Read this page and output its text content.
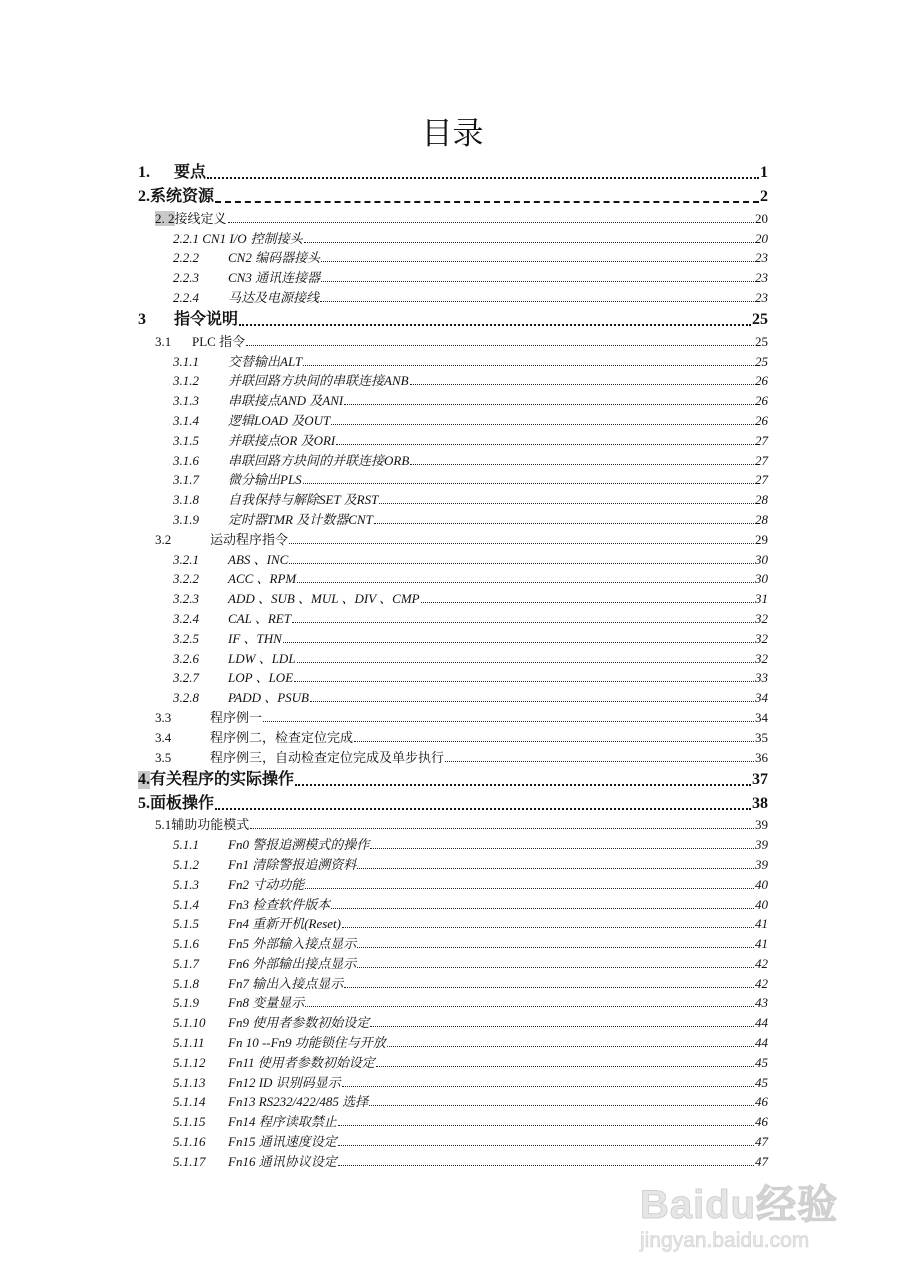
目录
1.	要点	1
2. 系统资源	2
2. 2 接线定义	20
2.2.1 CN1 I/O 控制接头	20
2.2.2	CN2 编码器接头	23
2.2.3	CN3 通讯连接器	23
2.2.4	马达及电源接线	23
3	指令说明	25
3.1	PLC 指令	25
3.1.1	交替输出ALT	25
3.1.2	并联回路方块间的串联连接ANB	26
3.1.3	串联接点AND 及ANI	26
3.1.4	逻辑LOAD 及OUT	26
3.1.5	并联接点OR 及ORI	27
3.1.6	串联回路方块间的并联连接ORB	27
3.1.7	微分输出PLS	27
3.1.8	自我保持与解除SET 及RST	28
3.1.9	定时器TMR 及计数器CNT	28
3.2	运动程序指令	29
3.2.1	ABS 、INC	30
3.2.2	ACC 、RPM	30
3.2.3	ADD 、SUB 、MUL 、DIV 、CMP	31
3.2.4	CAL 、RET	32
3.2.5	IF 、THN	32
3.2.6	LDW 、LDL	32
3.2.7	LOP 、LOE	33
3.2.8	PADD 、PSUB	34
3.3	程序例一	34
3.4	程序例二，检查定位完成	35
3.5	程序例三，自动检查定位完成及单步执行	36
4. 有关程序的实际操作	37
5. 面板操作	38
5.1 辅助功能模式	39
5.1.1	Fn0 警报追溯模式的操作	39
5.1.2	Fn1 清除警报追溯资料	39
5.1.3	Fn2 寸动功能	40
5.1.4	Fn3 检查软件版本	40
5.1.5	Fn4 重新开机(Reset)	41
5.1.6	Fn5 外部输入接点显示	41
5.1.7	Fn6 外部输出接点显示	42
5.1.8	Fn7 输出入接点显示	42
5.1.9	Fn8 变量显示	43
5.1.10	Fn9 使用者参数初始设定	44
5.1.11	Fn 10 --Fn9 功能锁住与开放	44
5.1.12	Fn11 使用者参数初始设定	45
5.1.13	Fn12 ID 识别码显示	45
5.1.14	Fn13 RS232/422/485 选择	46
5.1.15	Fn14 程序读取禁止	46
5.1.16	Fn15 通讯速度设定	47
5.1.17	Fn16 通讯协议设定	47
Baidu经验
jingyan.baidu.com
